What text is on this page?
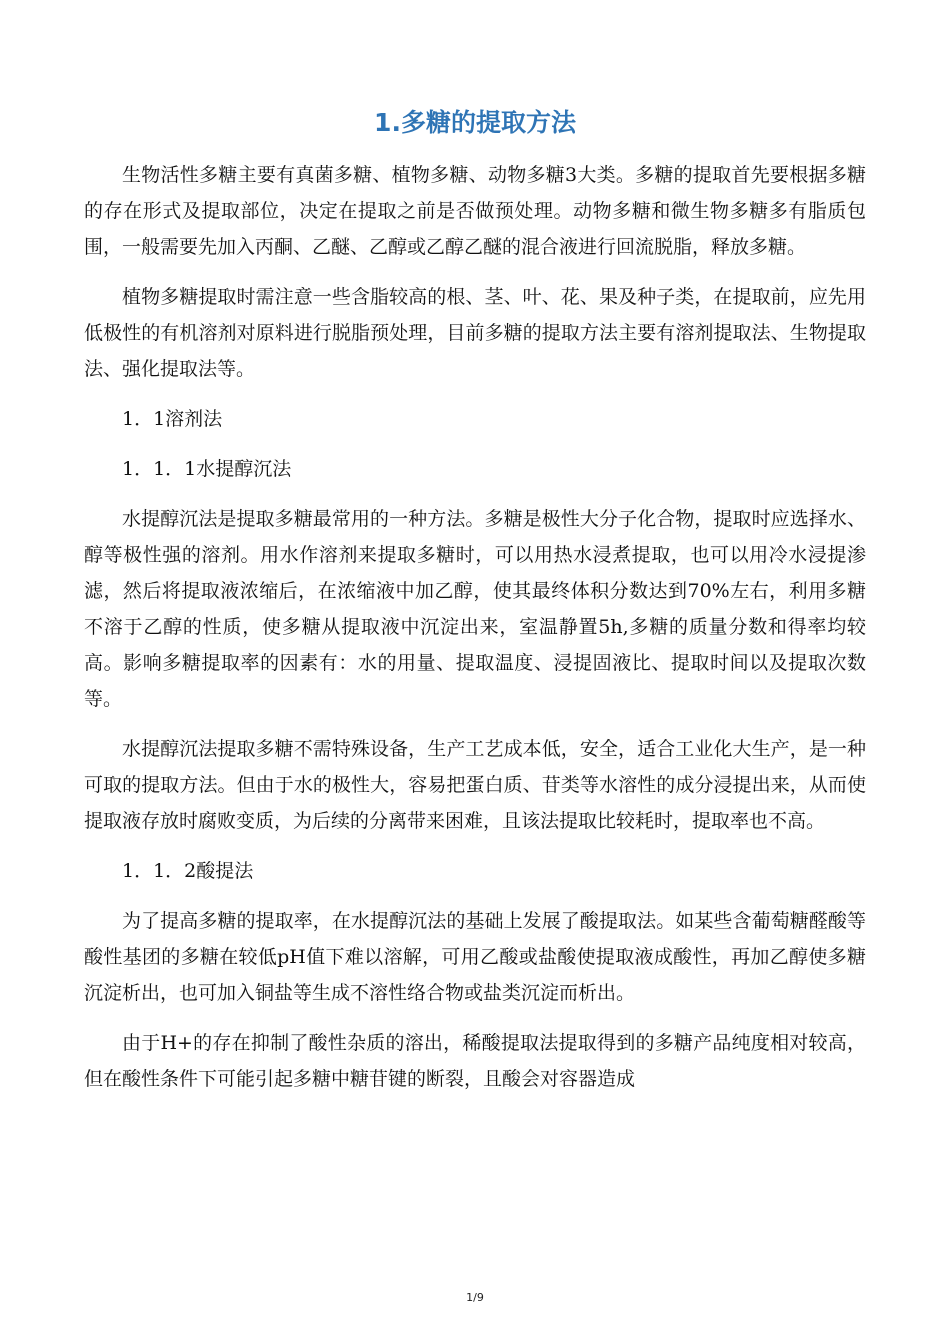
1.多糖的提取方法

生物活性多糖主要有真菌多糖、植物多糖、动物多糖3大类。多糖的提取首先要根据多糖的存在形式及提取部位，决定在提取之前是否做预处理。动物多糖和微生物多糖多有脂质包围，一般需要先加入丙酮、乙醚、乙醇或乙醇乙醚的混合液进行回流脱脂，释放多糖。

植物多糖提取时需注意一些含脂较高的根、茎、叶、花、果及种子类，在提取前，应先用低极性的有机溶剂对原料进行脱脂预处理，目前多糖的提取方法主要有溶剂提取法、生物提取法、强化提取法等。

1．1溶剂法

1．1．1水提醇沉法

水提醇沉法是提取多糖最常用的一种方法。多糖是极性大分子化合物，提取时应选择水、醇等极性强的溶剂。用水作溶剂来提取多糖时，可以用热水浸煮提取，也可以用冷水浸提渗滤，然后将提取液浓缩后，在浓缩液中加乙醇，使其最终体积分数达到70%左右，利用多糖不溶于乙醇的性质，使多糖从提取液中沉淀出来，室温静置5h,多糖的质量分数和得率均较高。影响多糖提取率的因素有：水的用量、提取温度、浸提固液比、提取时间以及提取次数等。

水提醇沉法提取多糖不需特殊设备，生产工艺成本低，安全，适合工业化大生产，是一种可取的提取方法。但由于水的极性大，容易把蛋白质、苷类等水溶性的成分浸提出来，从而使提取液存放时腐败变质，为后续的分离带来困难，且该法提取比较耗时，提取率也不高。

1．1．2酸提法

为了提高多糖的提取率，在水提醇沉法的基础上发展了酸提取法。如某些含葡萄糖醛酸等酸性基团的多糖在较低pH值下难以溶解，可用乙酸或盐酸使提取液成酸性，再加乙醇使多糖沉淀析出，也可加入铜盐等生成不溶性络合物或盐类沉淀而析出。

由于H+的存在抑制了酸性杂质的溶出，稀酸提取法提取得到的多糖产品纯度相对较高，但在酸性条件下可能引起多糖中糖苷键的断裂，且酸会对容器造成

1/9
